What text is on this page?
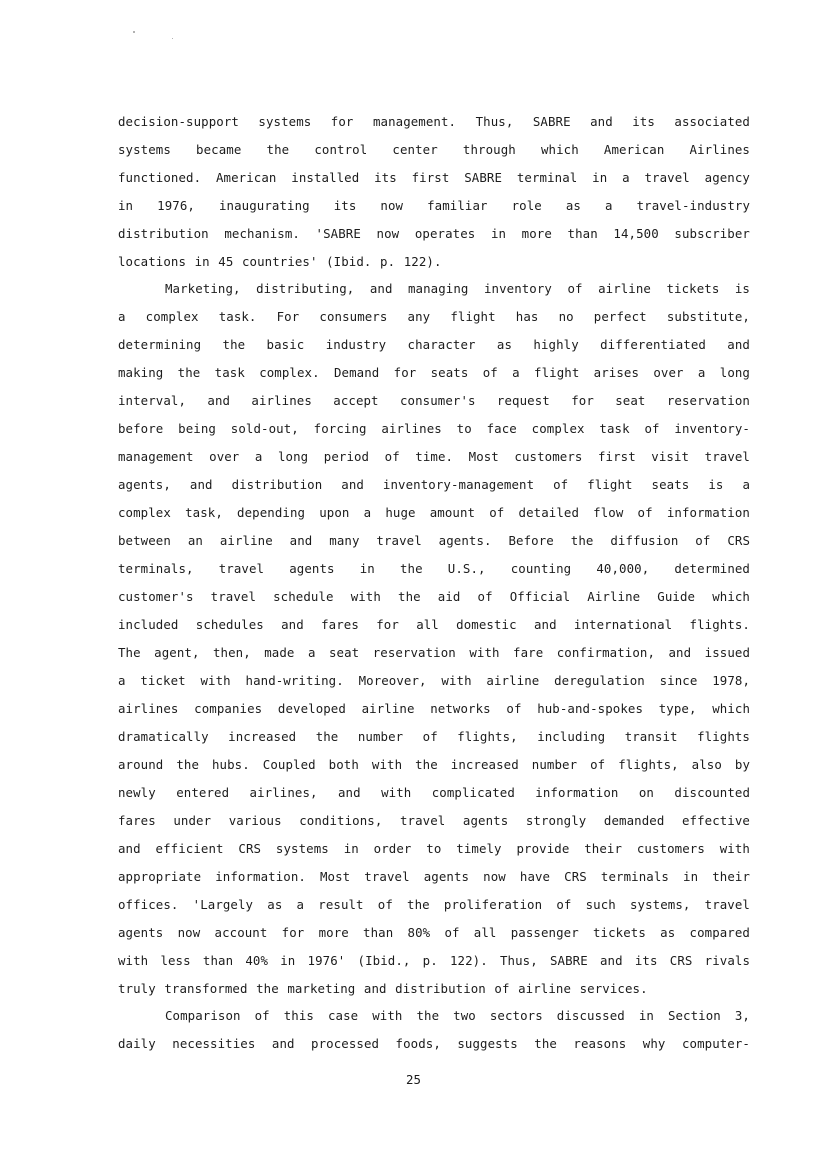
decision-support systems for management. Thus, SABRE and its associated
systems became the control center through which American Airlines
functioned. American installed its first SABRE terminal in a travel agency
in 1976, inaugurating its now familiar role as a travel-industry
distribution mechanism. 'SABRE now operates in more than 14,500 subscriber
locations in 45 countries' (Ibid. p. 122).
Marketing, distributing, and managing inventory of airline tickets is
a complex task. For consumers any flight has no perfect substitute,
determining the basic industry character as highly differentiated and
making the task complex. Demand for seats of a flight arises over a long
interval, and airlines accept consumer's request for seat reservation
before being sold-out, forcing airlines to face complex task of inventory-
management over a long period of time. Most customers first visit travel
agents, and distribution and inventory-management of flight seats is a
complex task, depending upon a huge amount of detailed flow of information
between an airline and many travel agents. Before the diffusion of CRS
terminals, travel agents in the U.S., counting 40,000, determined
customer's travel schedule with the aid of Official Airline Guide which
included schedules and fares for all domestic and international flights.
The agent, then, made a seat reservation with fare confirmation, and issued
a ticket with hand-writing. Moreover, with airline deregulation since 1978,
airlines companies developed airline networks of hub-and-spokes type, which
dramatically increased the number of flights, including transit flights
around the hubs. Coupled both with the increased number of flights, also by
newly entered airlines, and with complicated information on discounted
fares under various conditions, travel agents strongly demanded effective
and efficient CRS systems in order to timely provide their customers with
appropriate information. Most travel agents now have CRS terminals in their
offices. 'Largely as a result of the proliferation of such systems, travel
agents now account for more than 80% of all passenger tickets as compared
with less than 40% in 1976' (Ibid., p. 122). Thus, SABRE and its CRS rivals
truly transformed the marketing and distribution of airline services.
Comparison of this case with the two sectors discussed in Section 3,
daily necessities and processed foods, suggests the reasons why computer-
25
